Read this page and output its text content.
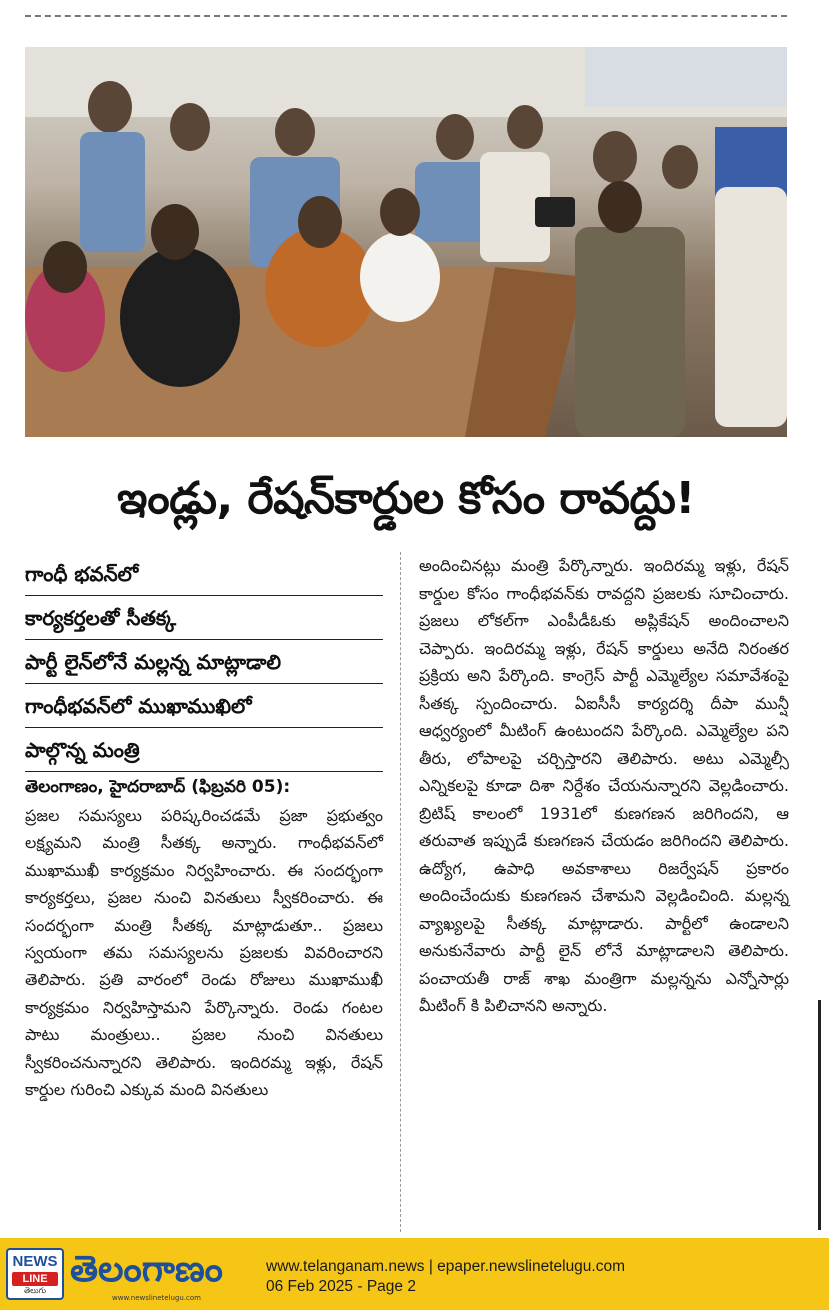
ఇండ్లు, రేషన్‌కార్డుల కోసం రావద్దు!
గాంధీ భవన్‌లో
కార్యకర్తలతో సీతక్క
పార్టీ లైన్‌లోనే మల్లన్న మాట్లాడాలి
గాంధీభవన్‌లో ముఖాముఖిలో
పాల్గొన్న మంత్రి
తెలంగాణం, హైదరాబాద్ (ఫిబ్రవరి 05):

ప్రజల సమస్యలు పరిష్కరించడమే ప్రజా ప్రభుత్వం లక్ష్యమని మంత్రి సీతక్క అన్నారు. గాంధీభవన్‌లో ముఖాముఖీ కార్యక్రమం నిర్వహించారు. ఈ సందర్భంగా కార్యకర్తలు, ప్రజల నుంచి వినతులు స్వీకరించారు. ఈ సందర్భంగా మంత్రి సీతక్క మాట్లాడుతూ.. ప్రజలు స్వయంగా తమ సమస్యలను ప్రజలకు వివరించారని తెలిపారు. ప్రతి వారంలో రెండు రోజులు ముఖాముఖీ కార్యక్రమం నిర్వహిస్తామని పేర్కొన్నారు. రెండు గంటల పాటు మంత్రులు.. ప్రజల నుంచి వినతులు స్వీకరించనున్నారని తెలిపారు. ఇందిరమ్మ ఇళ్లు, రేషన్ కార్డుల గురించి ఎక్కువ మంది వినతులు

అందించినట్లు మంత్రి పేర్కొన్నారు. ఇందిరమ్మ ఇళ్లు, రేషన్ కార్డుల కోసం గాంధీభవన్‌కు రావద్దని ప్రజలకు సూచించారు. ప్రజలు లోకల్‌గా ఎంపీడీఓకు అప్లికేషన్ అందించాలని చెప్పారు. ఇందిరమ్మ ఇళ్లు, రేషన్ కార్డులు అనేది నిరంతర ప్రక్రియ అని పేర్కొంది. కాంగ్రెస్ పార్టీ ఎమ్మెల్యేల సమావేశంపై సీతక్క స్పందించారు. ఏఐసీసీ కార్యదర్శి దీపా మున్షీ ఆధ్వర్యంలో మీటింగ్ ఉంటుందని పేర్కొంది. ఎమ్మెల్యేల పని తీరు, లోపాలపై చర్చిస్తారని తెలిపారు. అటు ఎమ్మెల్సీ ఎన్నికలపై కూడా దిశా నిర్దేశం చేయనున్నారని వెల్లడించారు. బ్రిటిష్ కాలంలో 1931లో కుణగణన జరిగిందని, ఆ తరువాత ఇప్పుడే కుణగణన చేయడం జరిగిందని తెలిపారు. ఉద్యోగ, ఉపాధి అవకాశాలు రిజర్వేషన్ ప్రకారం అందించేందుకు కుణగణన చేశామని వెల్లడించింది. మల్లన్న వ్యాఖ్యలపై సీతక్క మాట్లాడారు. పార్టీలో ఉండాలని అనుకునేవారు పార్టీ లైన్ లోనే మాట్లాడాలని తెలిపారు. పంచాయతీ రాజ్ శాఖ మంత్రిగా మల్లన్నను ఎన్నోసార్లు మీటింగ్ కి పిలిచానని అన్నారు.

NEWS
LINE
తెలుగు
తెలంగాణం
www.newslinetelugu.com
www.telanganam.news | epaper.newslinetelugu.com
06 Feb 2025 - Page 2
